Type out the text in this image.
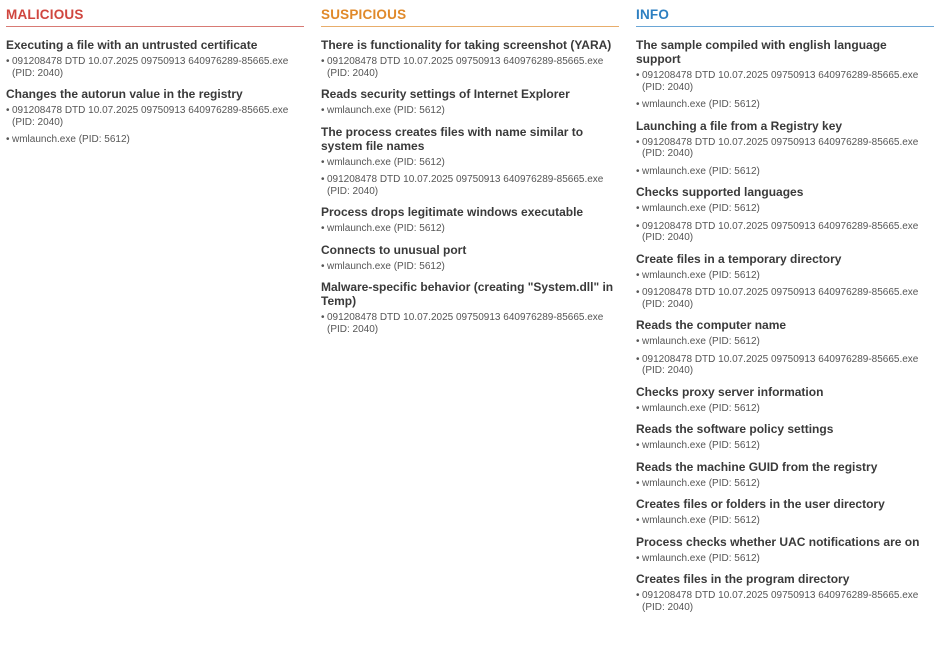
MALICIOUS
Executing a file with an untrusted certificate
• 091208478 DTD 10.07.2025 09750913 640976289-85665.exe (PID: 2040)
Changes the autorun value in the registry
• 091208478 DTD 10.07.2025 09750913 640976289-85665.exe (PID: 2040)
• wmlaunch.exe (PID: 5612)
SUSPICIOUS
There is functionality for taking screenshot (YARA)
• 091208478 DTD 10.07.2025 09750913 640976289-85665.exe (PID: 2040)
Reads security settings of Internet Explorer
• wmlaunch.exe (PID: 5612)
The process creates files with name similar to system file names
• wmlaunch.exe (PID: 5612)
• 091208478 DTD 10.07.2025 09750913 640976289-85665.exe (PID: 2040)
Process drops legitimate windows executable
• wmlaunch.exe (PID: 5612)
Connects to unusual port
• wmlaunch.exe (PID: 5612)
Malware-specific behavior (creating "System.dll" in Temp)
• 091208478 DTD 10.07.2025 09750913 640976289-85665.exe (PID: 2040)
INFO
The sample compiled with english language support
• 091208478 DTD 10.07.2025 09750913 640976289-85665.exe (PID: 2040)
• wmlaunch.exe (PID: 5612)
Launching a file from a Registry key
• 091208478 DTD 10.07.2025 09750913 640976289-85665.exe (PID: 2040)
• wmlaunch.exe (PID: 5612)
Checks supported languages
• wmlaunch.exe (PID: 5612)
• 091208478 DTD 10.07.2025 09750913 640976289-85665.exe (PID: 2040)
Create files in a temporary directory
• wmlaunch.exe (PID: 5612)
• 091208478 DTD 10.07.2025 09750913 640976289-85665.exe (PID: 2040)
Reads the computer name
• wmlaunch.exe (PID: 5612)
• 091208478 DTD 10.07.2025 09750913 640976289-85665.exe (PID: 2040)
Checks proxy server information
• wmlaunch.exe (PID: 5612)
Reads the software policy settings
• wmlaunch.exe (PID: 5612)
Reads the machine GUID from the registry
• wmlaunch.exe (PID: 5612)
Creates files or folders in the user directory
• wmlaunch.exe (PID: 5612)
Process checks whether UAC notifications are on
• wmlaunch.exe (PID: 5612)
Creates files in the program directory
• 091208478 DTD 10.07.2025 09750913 640976289-85665.exe (PID: 2040)
